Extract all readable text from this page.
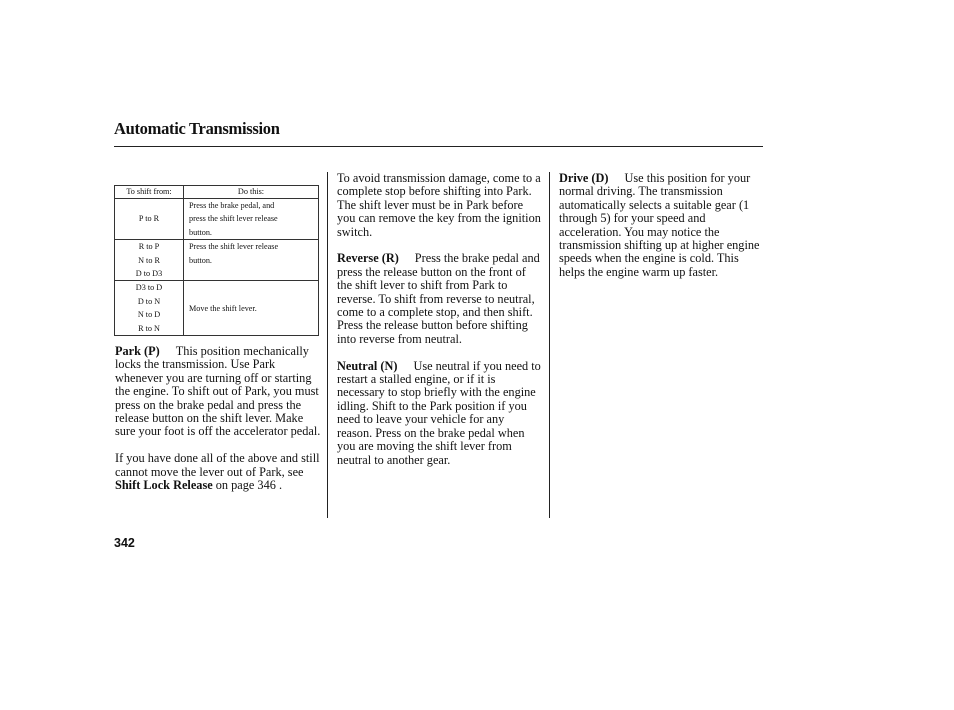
Automatic Transmission
To shift from:	Do this:

P to R	Press the brake pedal, and
press the shift lever release
button.

R to P
N to R
D to D3	Press the shift lever release
button.

D3 to D
D to N
N to D
R to N	Move the shift lever.

Park (P) This position mechanically locks the transmission. Use Park whenever you are turning off or starting the engine. To shift out of Park, you must press on the brake pedal and press the release button on the shift lever. Make sure your foot is off the accelerator pedal.

If you have done all of the above and still cannot move the lever out of Park, see Shift Lock Release on page 346 .

To avoid transmission damage, come to a complete stop before shifting into Park. The shift lever must be in Park before you can remove the key from the ignition switch.

Reverse (R) Press the brake pedal and press the release button on the front of the shift lever to shift from Park to reverse. To shift from reverse to neutral, come to a complete stop, and then shift. Press the release button before shifting into reverse from neutral.

Neutral (N) Use neutral if you need to restart a stalled engine, or if it is necessary to stop briefly with the engine idling. Shift to the Park position if you need to leave your vehicle for any reason. Press on the brake pedal when you are moving the shift lever from neutral to another gear.

Drive (D) Use this position for your normal driving. The transmission automatically selects a suitable gear (1 through 5) for your speed and acceleration. You may notice the transmission shifting up at higher engine speeds when the engine is cold. This helps the engine warm up faster.

342
